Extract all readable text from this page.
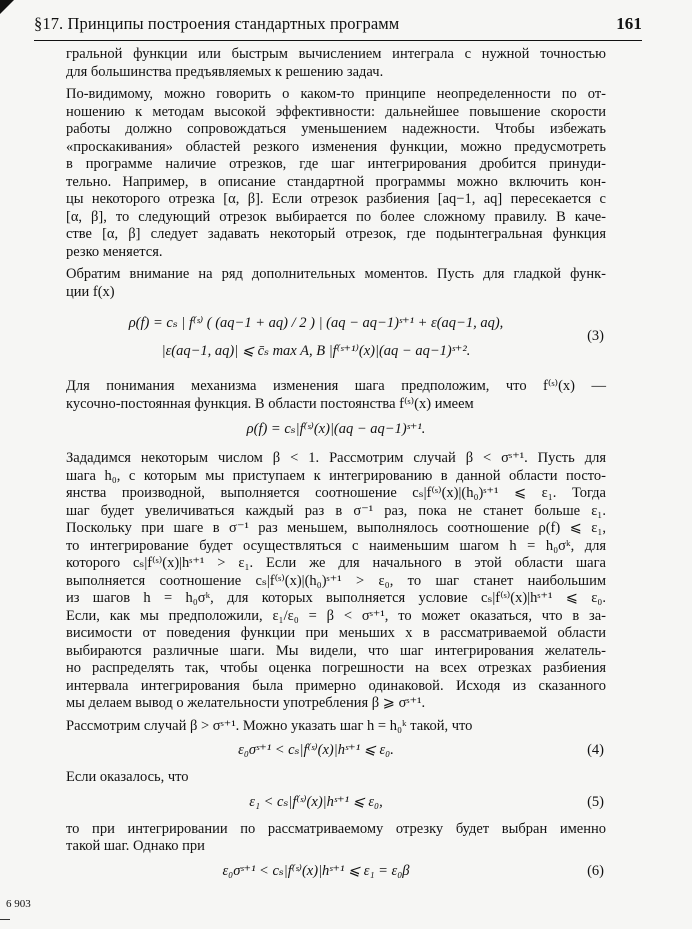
§17. Принципы построения стандартных программ	161

гральной функции или быстрым вычислением интеграла с нужной точностью
для большинства предъявляемых к решению задач.

По-видимому, можно говорить о каком-то принципе неопределенности по от-
ношению к методам высокой эффективности: дальнейшее повышение скорости
работы должно сопровождаться уменьшением надежности. Чтобы избежать
«проскакивания» областей резкого изменения функции, можно предусмотреть
в программе наличие отрезков, где шаг интегрирования дробится принуди-
тельно. Например, в описание стандартной программы можно включить кон-
цы некоторого отрезка [α, β]. Если отрезок разбиения [aq−1, aq] пересекается с
[α, β], то следующий отрезок выбирается по более сложному правилу. В каче-
стве [α, β] следует задавать некоторый отрезок, где подынтегральная функция
резко меняется.

Обратим внимание на ряд дополнительных моментов. Пусть для гладкой функ-
ции f(x)

ρ(f) = cₛ | f⁽ˢ⁾ ( (aq−1 + aq) / 2 ) | (aq − aq−1)ˢ⁺¹ + ε(aq−1, aq),
|ε(aq−1, aq)| ⩽ c̄ₛ max A, B |f⁽ˢ⁺¹⁾(x)|(aq − aq−1)ˢ⁺².
(3)

Для понимания механизма изменения шага предположим, что f⁽ˢ⁾(x) —
кусочно-постоянная функция. В области постоянства f⁽ˢ⁾(x) имеем

ρ(f) = cₛ|f⁽ˢ⁾(x)|(aq − aq−1)ˢ⁺¹.

Зададимся некоторым числом β < 1. Рассмотрим случай β < σˢ⁺¹. Пусть для
шага h₀, с которым мы приступаем к интегрированию в данной области посто-
янства производной, выполняется соотношение cₛ|f⁽ˢ⁾(x)|(h₀)ˢ⁺¹ ⩽ ε₁. Тогда
шаг будет увеличиваться каждый раз в σ⁻¹ раз, пока не станет больше ε₁.
Поскольку при шаге в σ⁻¹ раз меньшем, выполнялось соотношение ρ(f) ⩽ ε₁,
то интегрирование будет осуществляться с наименьшим шагом h = h₀σᵏ, для
которого cₛ|f⁽ˢ⁾(x)|hˢ⁺¹ > ε₁. Если же для начального в этой области шага
выполняется соотношение cₛ|f⁽ˢ⁾(x)|(h₀)ˢ⁺¹ > ε₀, то шаг станет наибольшим
из шагов h = h₀σᵏ, для которых выполняется условие cₛ|f⁽ˢ⁾(x)|hˢ⁺¹ ⩽ ε₀.
Если, как мы предположили, ε₁/ε₀ = β < σˢ⁺¹, то может оказаться, что в за-
висимости от поведения функции при меньших x в рассматриваемой области
выбираются различные шаги. Мы видели, что шаг интегрирования желатель-
но распределять так, чтобы оценка погрешности на всех отрезках разбиения
интервала интегрирования была примерно одинаковой. Исходя из сказанного
мы делаем вывод о желательности употребления β ⩾ σˢ⁺¹.

Рассмотрим случай β > σˢ⁺¹. Можно указать шаг h = h₀ᵏ такой, что

ε₀σˢ⁺¹ < cₛ|f⁽ˢ⁾(x)|hˢ⁺¹ ⩽ ε₀.	(4)

Если оказалось, что

ε₁ < cₛ|f⁽ˢ⁾(x)|hˢ⁺¹ ⩽ ε₀,	(5)

то при интегрировании по рассматриваемому отрезку будет выбран именно
такой шаг. Однако при

ε₀σˢ⁺¹ < cₛ|f⁽ˢ⁾(x)|hˢ⁺¹ ⩽ ε₁ = ε₀β	(6)
6 903
